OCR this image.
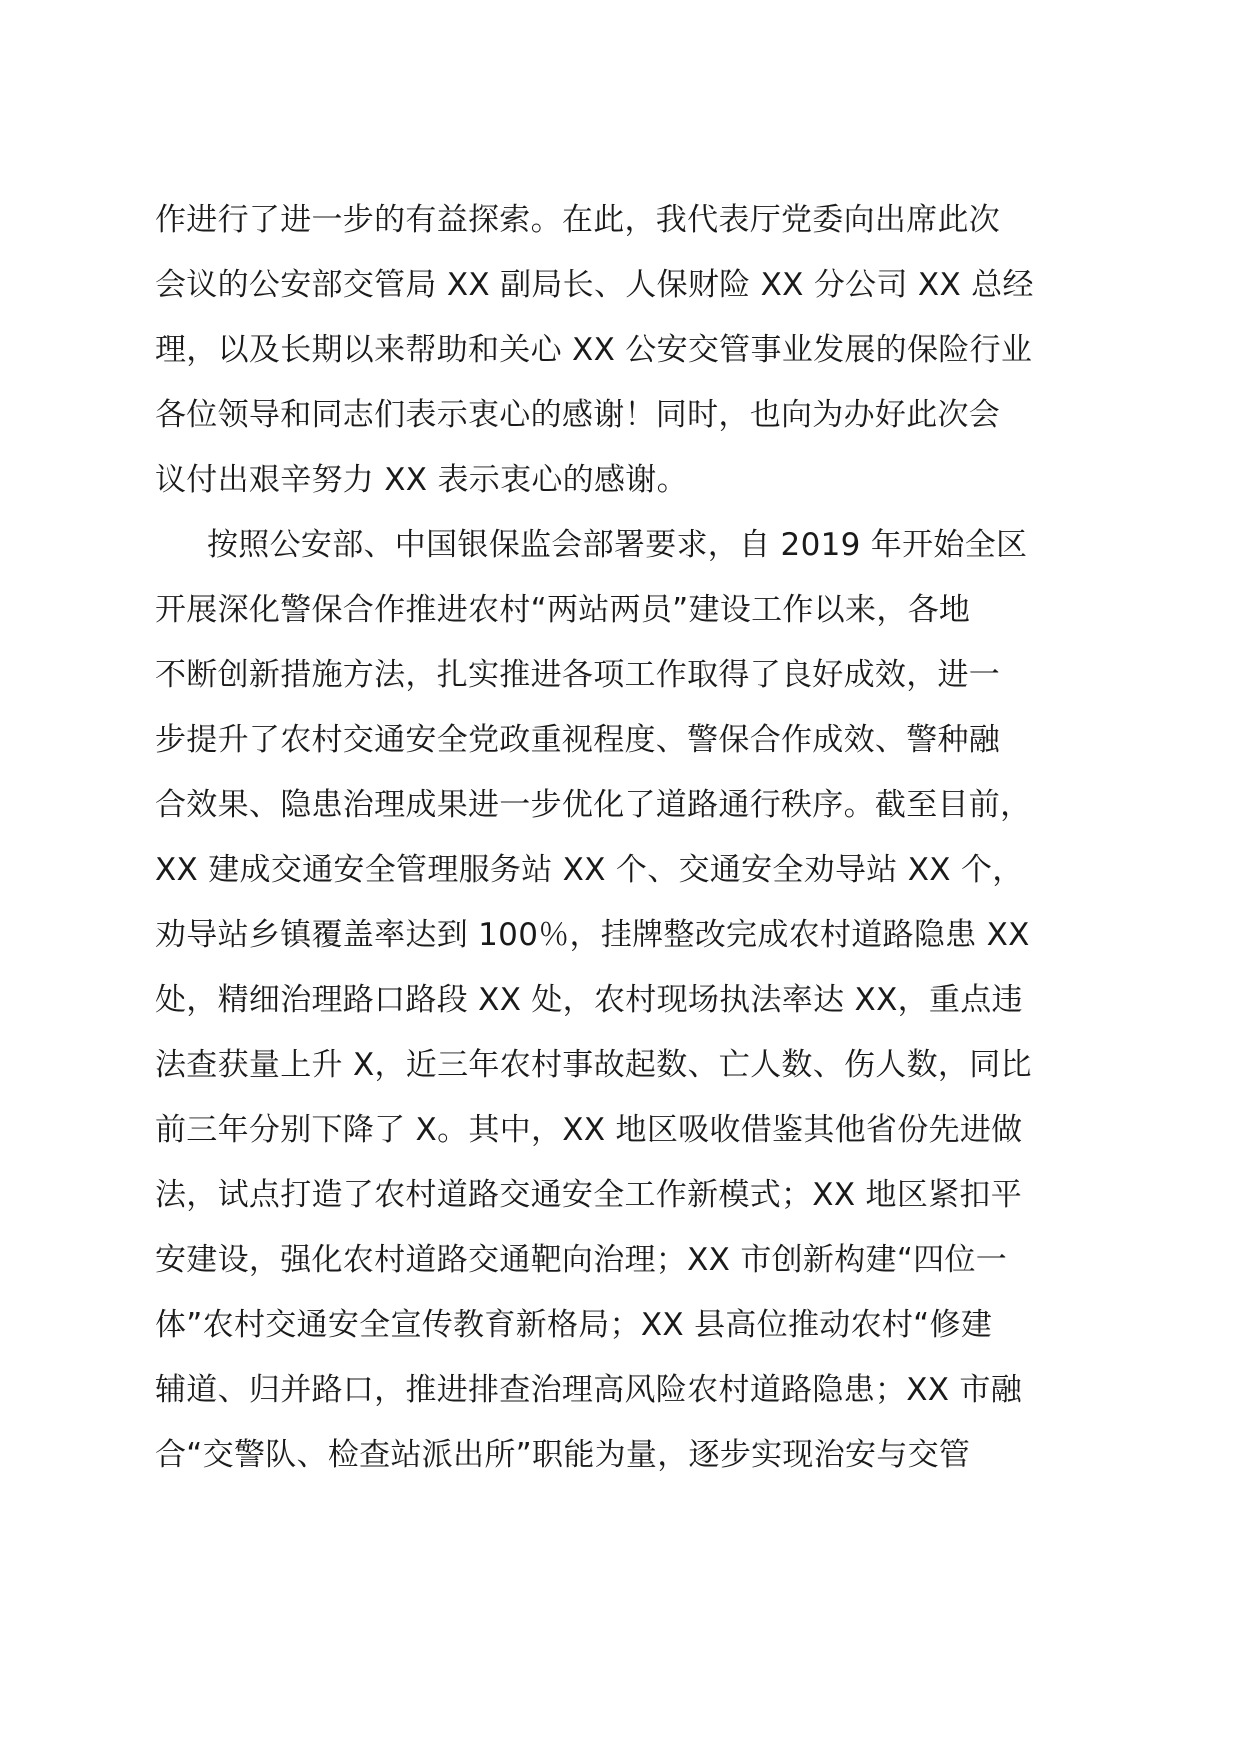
作进行了进一步的有益探索。在此，我代表厅党委向出席此次
会议的公安部交管局 XX 副局长、人保财险 XX 分公司 XX 总经
理，以及长期以来帮助和关心 XX 公安交管事业发展的保险行业
各位领导和同志们表示衷心的感谢！同时，也向为办好此次会
议付出艰辛努力 XX 表示衷心的感谢。
按照公安部、中国银保监会部署要求，自 2019 年开始全区
开展深化警保合作推进农村“两站两员”建设工作以来，各地
不断创新措施方法，扎实推进各项工作取得了良好成效，进一
步提升了农村交通安全党政重视程度、警保合作成效、警种融
合效果、隐患治理成果进一步优化了道路通行秩序。截至目前，
XX 建成交通安全管理服务站 XX 个、交通安全劝导站 XX 个，
劝导站乡镇覆盖率达到 100％，挂牌整改完成农村道路隐患 XX
处，精细治理路口路段 XX 处，农村现场执法率达 XX，重点违
法查获量上升 X，近三年农村事故起数、亡人数、伤人数，同比
前三年分别下降了 X。其中，XX 地区吸收借鉴其他省份先进做
法，试点打造了农村道路交通安全工作新模式；XX 地区紧扣平
安建设，强化农村道路交通靶向治理；XX 市创新构建“四位一
体”农村交通安全宣传教育新格局；XX 县高位推动农村“修建
辅道、归并路口，推进排查治理高风险农村道路隐患；XX 市融
合“交警队、检查站派出所”职能为量，逐步实现治安与交管
